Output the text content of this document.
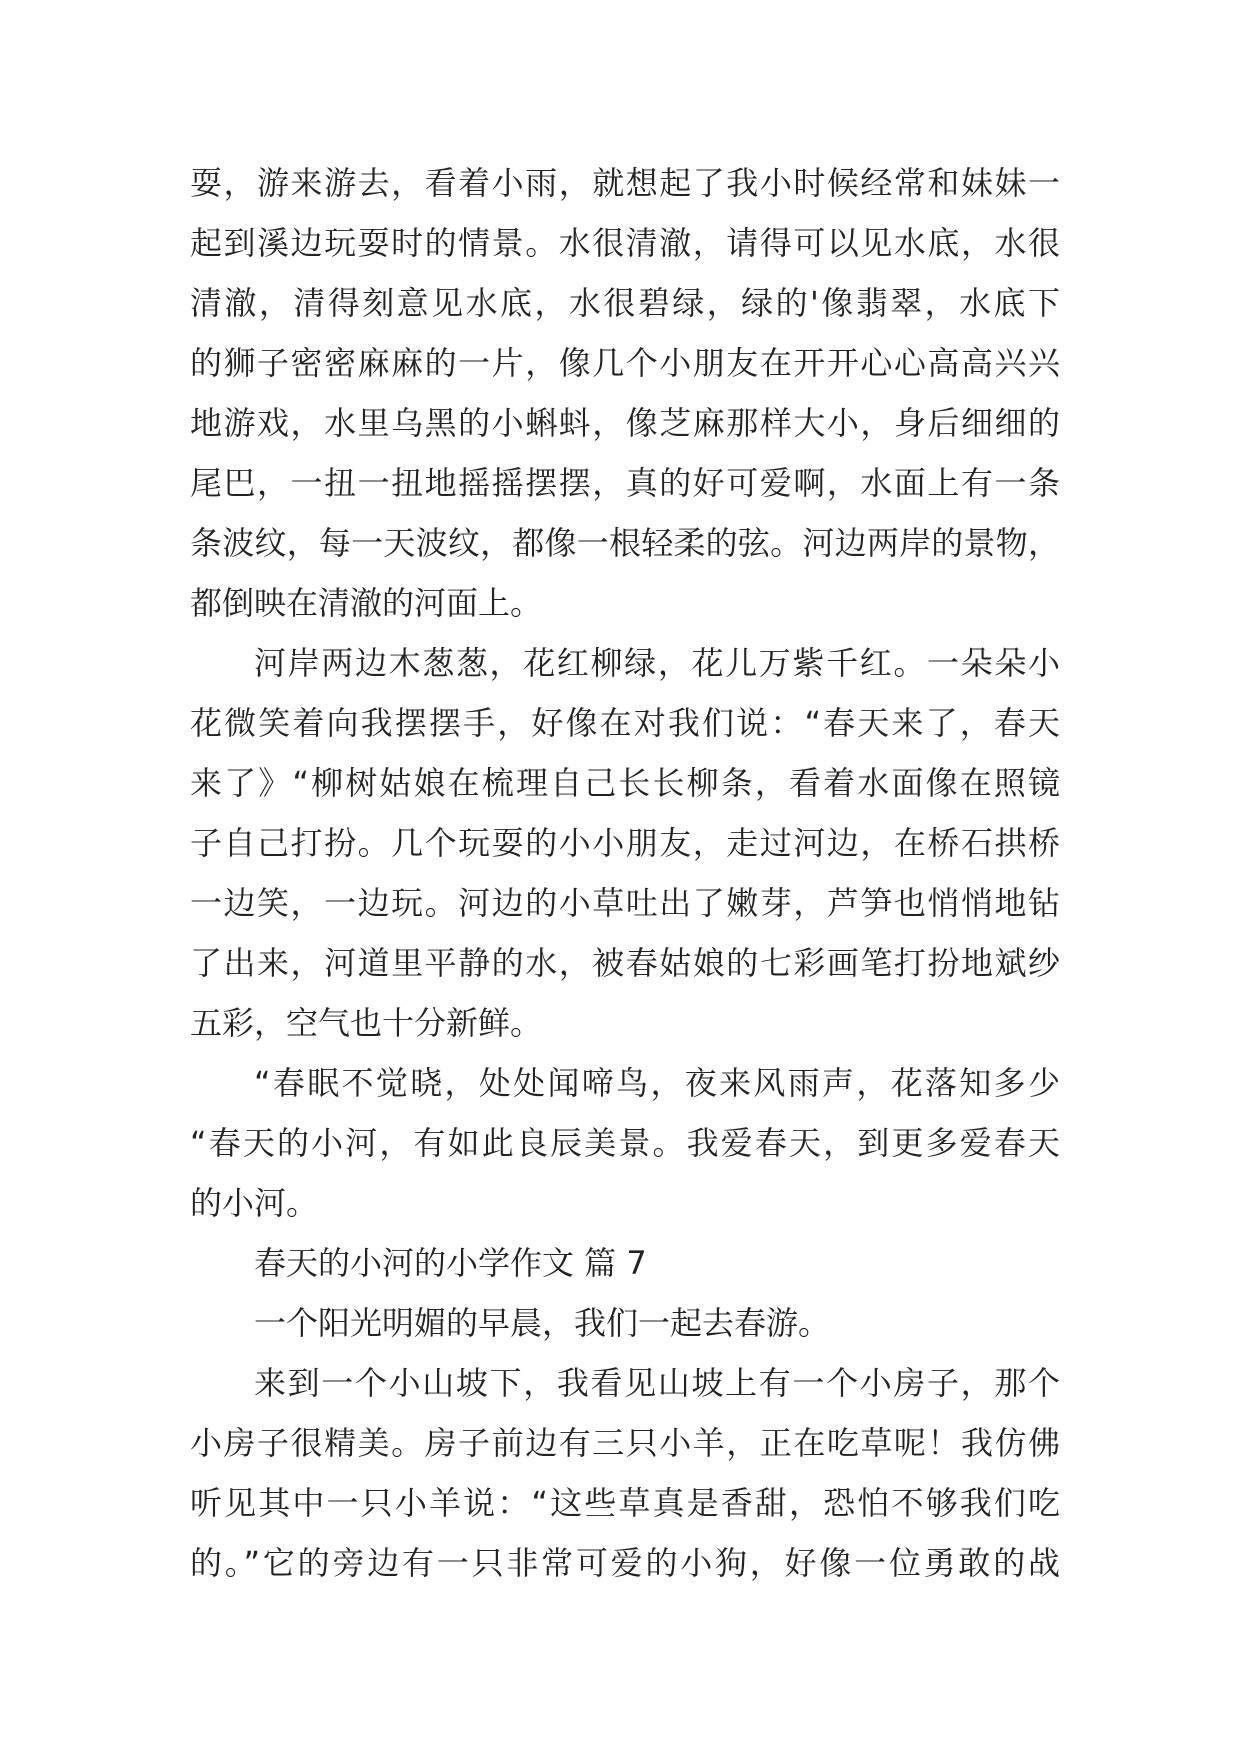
耍，游来游去，看着小雨，就想起了我小时候经常和妹妹一
起到溪边玩耍时的情景。水很清澈，请得可以见水底，水很
清澈，清得刻意见水底，水很碧绿，绿的'像翡翠，水底下
的狮子密密麻麻的一片，像几个小朋友在开开心心高高兴兴
地游戏，水里乌黑的小蝌蚪，像芝麻那样大小，身后细细的
尾巴，一扭一扭地摇摇摆摆，真的好可爱啊，水面上有一条
条波纹，每一天波纹，都像一根轻柔的弦。河边两岸的景物，
都倒映在清澈的河面上。
河岸两边木葱葱，花红柳绿，花儿万紫千红。一朵朵小
花微笑着向我摆摆手，好像在对我们说：“春天来了，春天
来了》“柳树姑娘在梳理自己长长柳条，看着水面像在照镜
子自己打扮。几个玩耍的小小朋友，走过河边，在桥石拱桥
一边笑，一边玩。河边的小草吐出了嫩芽，芦笋也悄悄地钻
了出来，河道里平静的水，被春姑娘的七彩画笔打扮地斌纱
五彩，空气也十分新鲜。
“春眠不觉晓，处处闻啼鸟，夜来风雨声，花落知多少
“春天的小河，有如此良辰美景。我爱春天，到更多爱春天
的小河。
春天的小河的小学作文 篇 7
一个阳光明媚的早晨，我们一起去春游。
来到一个小山坡下，我看见山坡上有一个小房子，那个
小房子很精美。房子前边有三只小羊，正在吃草呢！我仿佛
听见其中一只小羊说：“这些草真是香甜，恐怕不够我们吃
的。”它的旁边有一只非常可爱的小狗，好像一位勇敢的战
